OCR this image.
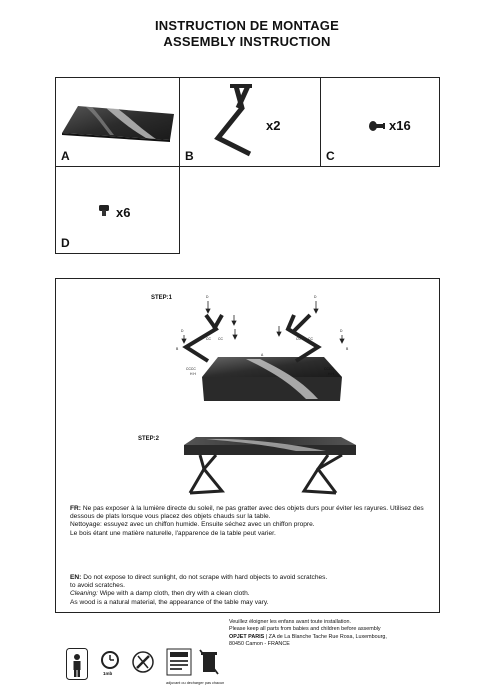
INSTRUCTION DE MONTAGE
ASSEMBLY INSTRUCTION
A
x2
B
x16
C
x6
D
STEP:1
STEP:2
D	D
D	D
B	B
CC CC	CC CC
A
CCCC	CCCC
H H	H H

FR: Ne pas exposer à la lumière directe du soleil, ne pas gratter avec des objets durs pour éviter les rayures. Utilisez des dessous de plats lorsque vous placez des objets chauds sur la table.

Nettoyage: essuyez avec un chiffon humide. Ensuite séchez avec un chiffon propre.

Le bois étant une matière naturelle, l'apparence de la table peut varier.

EN: Do not expose to direct sunlight, do not scrape with hard objects to avoid scratches.

to avoid scratches.

Cleaning: Wipe with a damp cloth, then dry with a clean cloth.

As wood is a natural material, the appearance of the table may vary.

1mb
adjuvant ou decharger pas chacun
Veuillez éloigner les enfans avant toute installation.
Please keep all parts from babies and children before assembly
OPJET PARIS | ZA de La Blanche Tache Rue Rosa, Luxembourg,
80450 Camon - FRANCE
